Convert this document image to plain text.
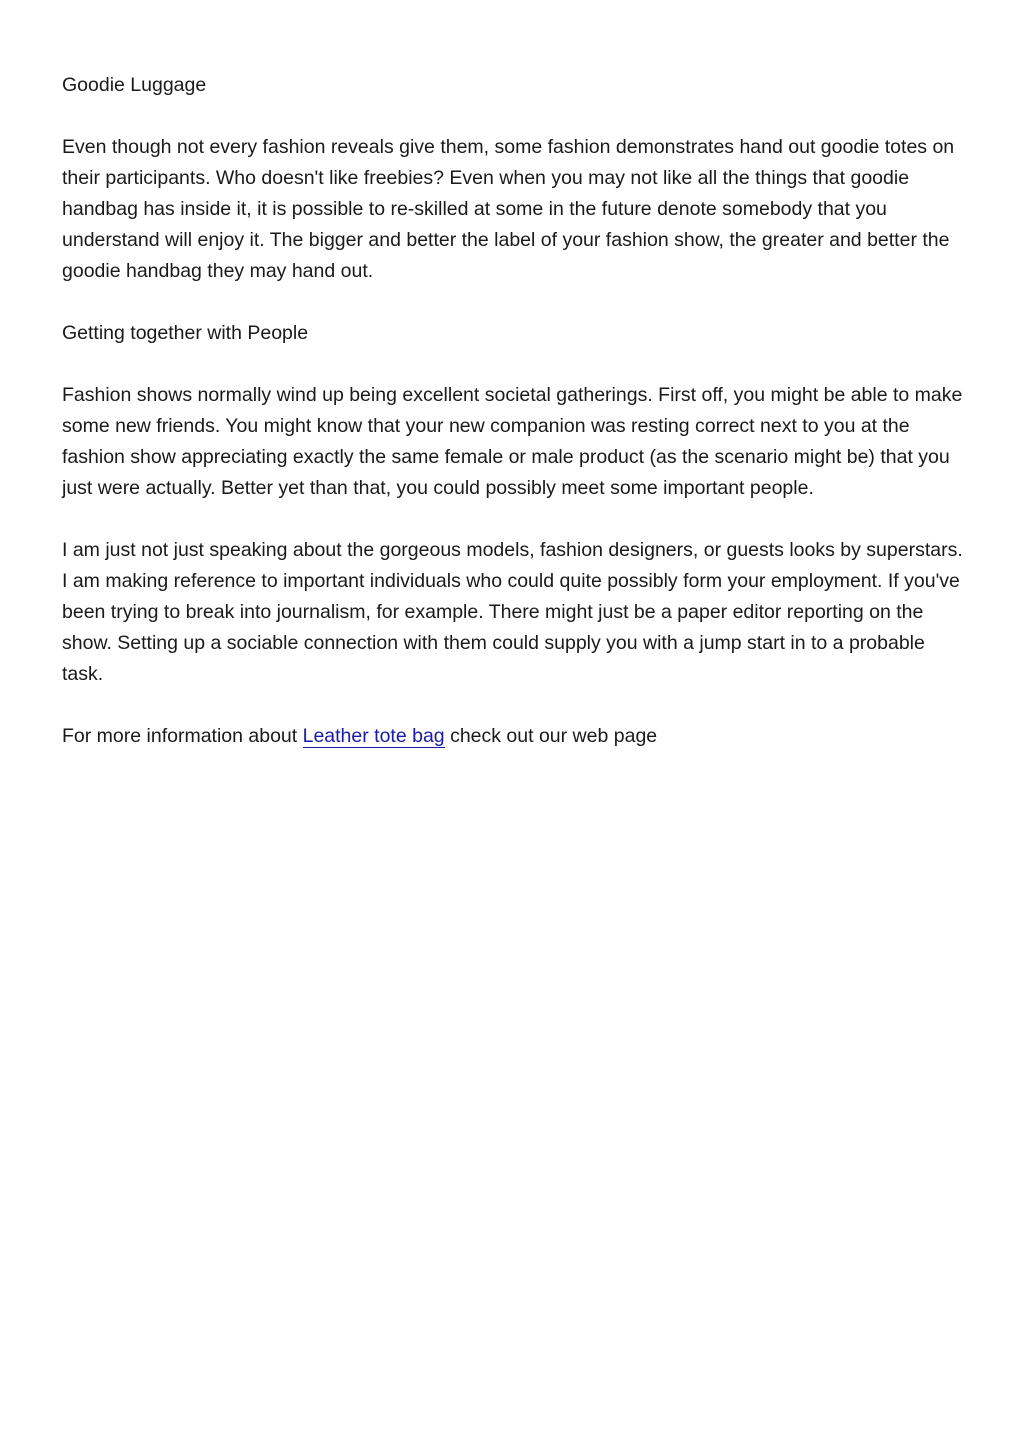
Goodie Luggage

Even though not every fashion reveals give them, some fashion demonstrates hand out goodie totes on their participants. Who doesn't like freebies? Even when you may not like all the things that goodie handbag has inside it, it is possible to re-skilled at some in the future denote somebody that you understand will enjoy it. The bigger and better the label of your fashion show, the greater and better the goodie handbag they may hand out.

Getting together with People

Fashion shows normally wind up being excellent societal gatherings. First off, you might be able to make some new friends. You might know that your new companion was resting correct next to you at the fashion show appreciating exactly the same female or male product (as the scenario might be) that you just were actually. Better yet than that, you could possibly meet some important people.

I am just not just speaking about the gorgeous models, fashion designers, or guests looks by superstars. I am making reference to important individuals who could quite possibly form your employment. If you've been trying to break into journalism, for example. There might just be a paper editor reporting on the show. Setting up a sociable connection with them could supply you with a jump start in to a probable task.

For more information about Leather tote bag check out our web page
